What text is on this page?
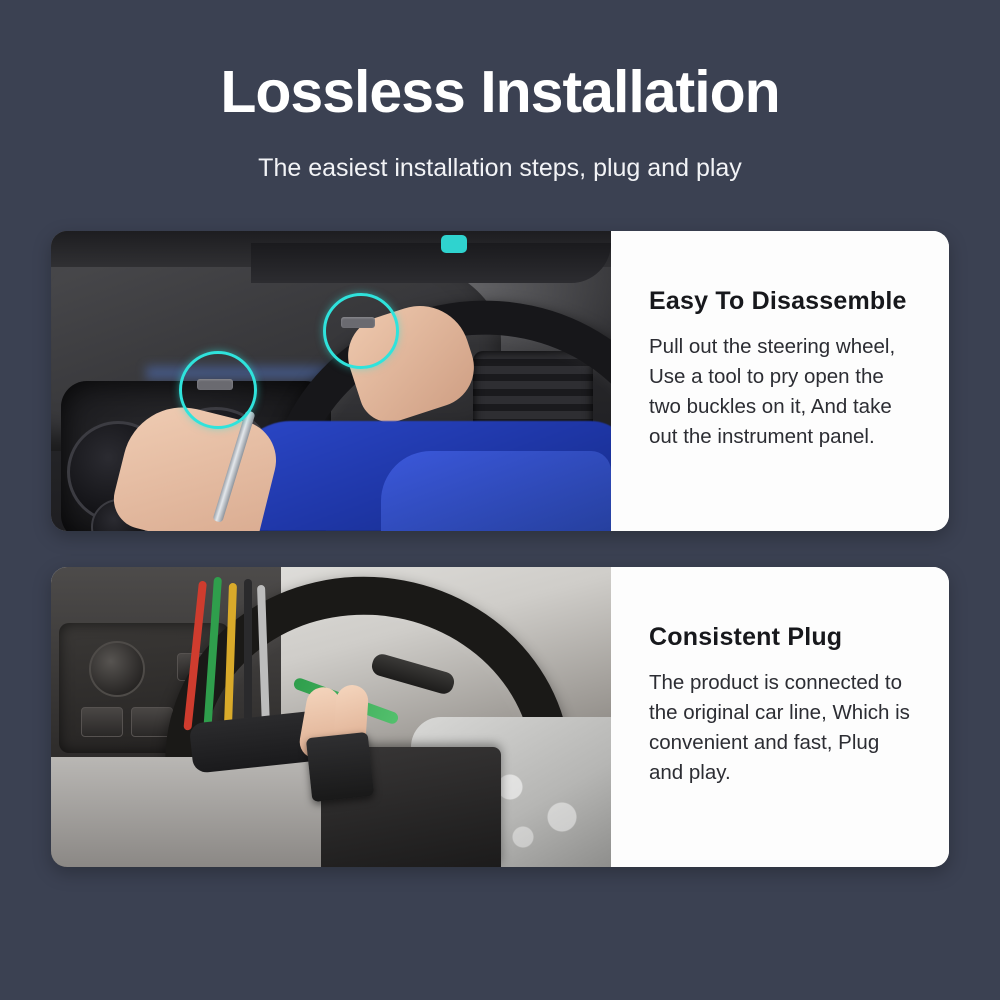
Lossless Installation

The easiest installation steps, plug and play

Easy To Disassemble

Pull out the steering wheel, Use a tool to pry open the two buckles on it, And take out the instrument panel.

Consistent Plug

The product is connected to the original car line, Which is convenient and fast, Plug and play.
